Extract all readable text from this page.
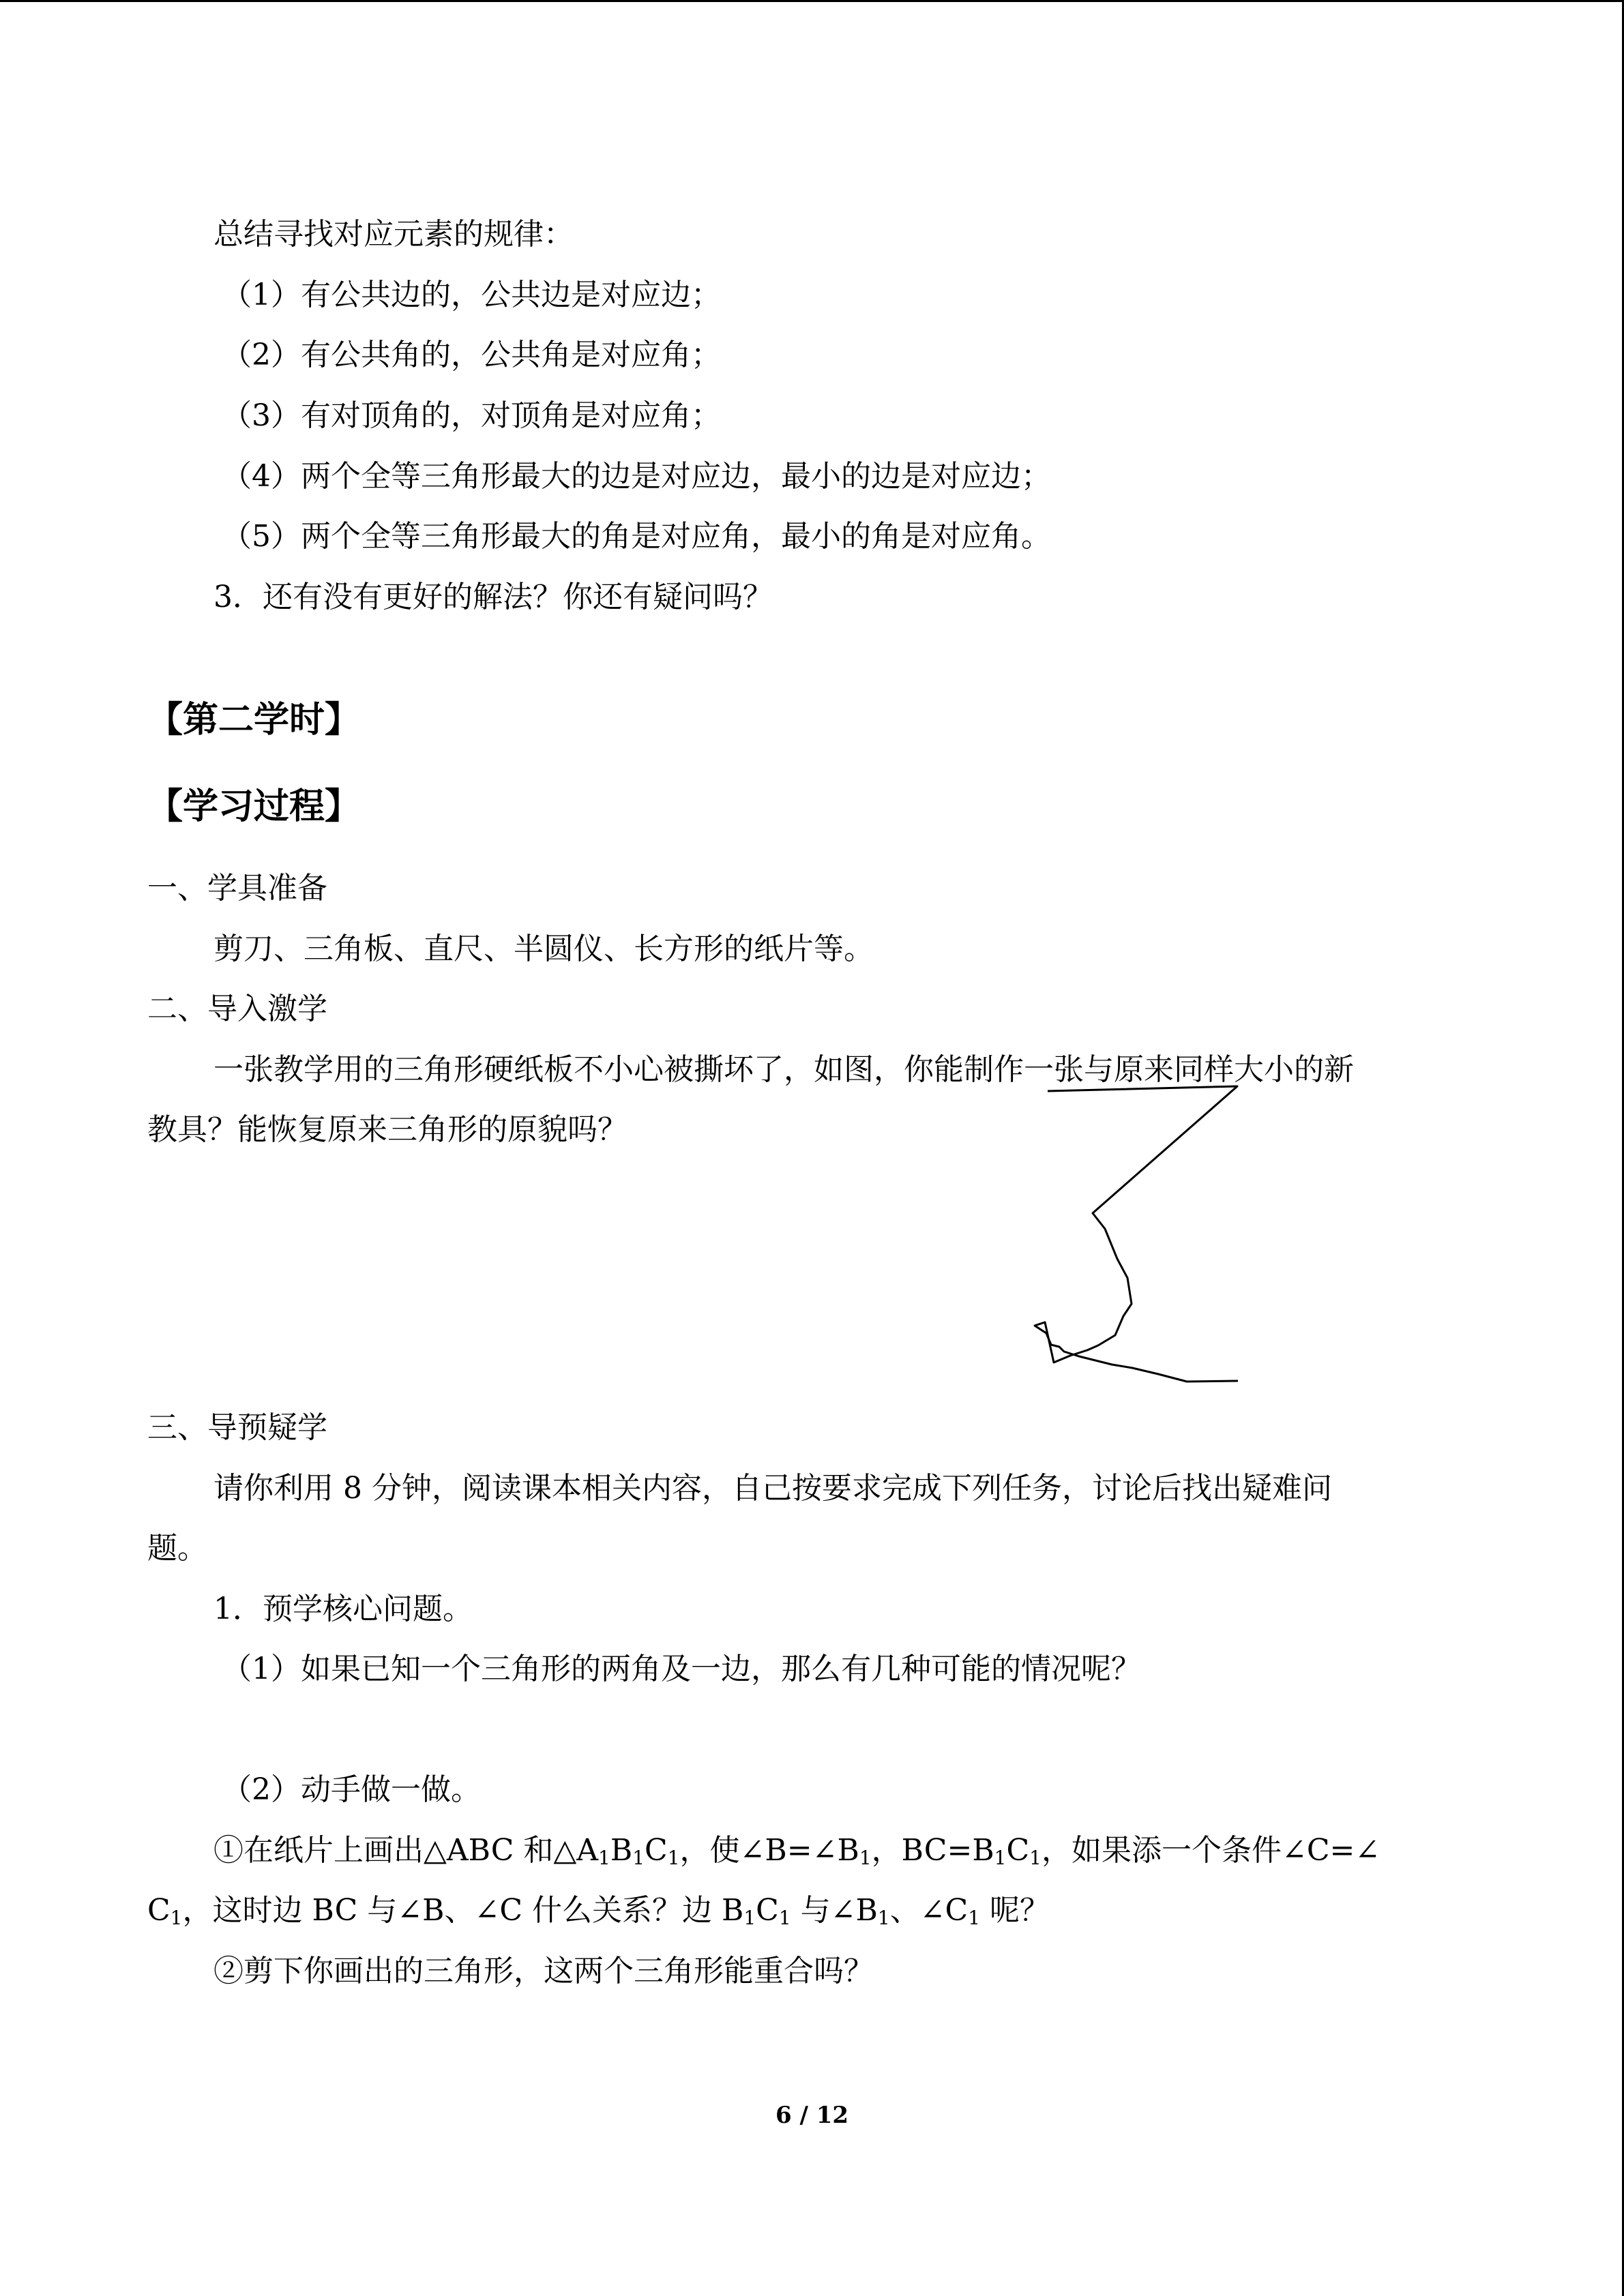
总结寻找对应元素的规律：
（1）有公共边的，公共边是对应边；
（2）有公共角的，公共角是对应角；
（3）有对顶角的，对顶角是对应角；
（4）两个全等三角形最大的边是对应边，最小的边是对应边；
（5）两个全等三角形最大的角是对应角，最小的角是对应角。
3．还有没有更好的解法？你还有疑问吗？
【第二学时】
【学习过程】
一、学具准备
剪刀、三角板、直尺、半圆仪、长方形的纸片等。
二、导入激学
一张教学用的三角形硬纸板不小心被撕坏了，如图，你能制作一张与原来同样大小的新
教具？能恢复原来三角形的原貌吗？
三、导预疑学
请你利用 8 分钟，阅读课本相关内容，自己按要求完成下列任务，讨论后找出疑难问
题。
1．预学核心问题。
（1）如果已知一个三角形的两角及一边，那么有几种可能的情况呢？
（2）动手做一做。
①在纸片上画出△ABC 和$\triangle A_1B_1C_1$，使$\angle B=\angle B_1$，$BC=B_1C_1$，如果添一个条件∠C=∠
$C_1$，这时边 BC 与∠B、∠C 什么关系？边 $B_1C_1$ 与$\angle B_1$、$\angle C_1$ 呢？
②剪下你画出的三角形，这两个三角形能重合吗？
6 / 12
